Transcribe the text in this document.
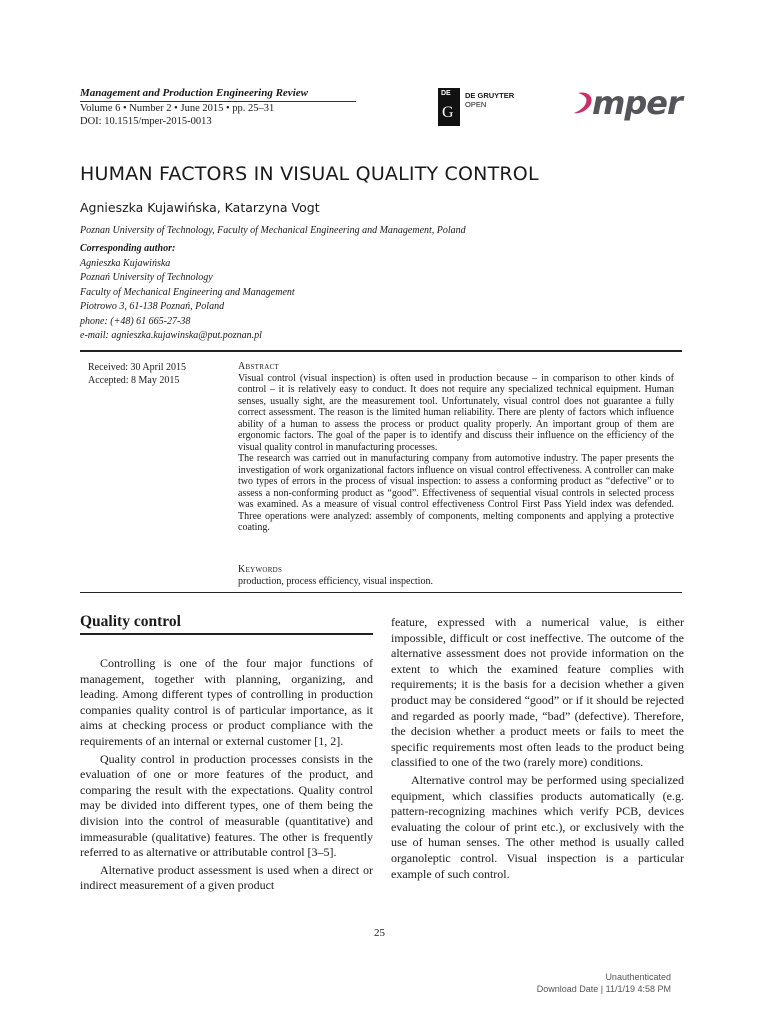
Management and Production Engineering Review
Volume 6 • Number 2 • June 2015 • pp. 25–31
DOI: 10.1515/mper-2015-0013
DE
G
DE GRUYTER
OPEN	mper
HUMAN FACTORS IN VISUAL QUALITY CONTROL
Agnieszka Kujawińska, Katarzyna Vogt
Poznan University of Technology, Faculty of Mechanical Engineering and Management, Poland
Corresponding author:
Agnieszka Kujawińska
Poznań University of Technology
Faculty of Mechanical Engineering and Management
Piotrowo 3, 61-138 Poznań, Poland
phone: (+48) 61 665-27-38
e-mail: agnieszka.kujawinska@put.poznan.pl
Received: 30 April 2015
Accepted: 8 May 2015
Abstract

Visual control (visual inspection) is often used in production because – in comparison to other kinds of control – it is relatively easy to conduct. It does not require any specialized technical equipment. Human senses, usually sight, are the measurement tool. Unfortunately, visual control does not guarantee a fully correct assessment. The reason is the limited human reliability. There are plenty of factors which influence ability of a human to assess the process or product quality properly. An important group of them are ergonomic factors. The goal of the paper is to identify and discuss their influence on the efficiency of the visual quality control in manufacturing processes.

The research was carried out in manufacturing company from automotive industry. The paper presents the investigation of work organizational factors influence on visual control effectiveness. A controller can make two types of errors in the process of visual inspection: to assess a conforming product as “defective” or to assess a non-conforming product as “good”. Effectiveness of sequential visual controls in selected process was examined. As a measure of visual control effectiveness Control First Pass Yield index was defended. Three operations were analyzed: assembly of components, melting components and applying a protective coating.

Keywords
production, process efficiency, visual inspection.
Quality control

Controlling is one of the four major functions of management, together with planning, organizing, and leading. Among different types of controlling in production companies quality control is of particular importance, as it aims at checking process or product compliance with the requirements of an internal or external customer [1, 2].

Quality control in production processes consists in the evaluation of one or more features of the product, and comparing the result with the expectations. Quality control may be divided into different types, one of them being the division into the control of measurable (quantitative) and immeasurable (qualitative) features. The other is frequently referred to as alternative or attributable control [3–5].

Alternative product assessment is used when a direct or indirect measurement of a given product

feature, expressed with a numerical value, is either impossible, difficult or cost ineffective. The outcome of the alternative assessment does not provide information on the extent to which the examined feature complies with requirements; it is the basis for a decision whether a given product may be considered “good” or if it should be rejected and regarded as poorly made, “bad” (defective). Therefore, the decision whether a product meets or fails to meet the specific requirements most often leads to the product being classified to one of the two (rarely more) conditions.

Alternative control may be performed using specialized equipment, which classifies products automatically (e.g. pattern-recognizing machines which verify PCB, devices evaluating the colour of print etc.), or exclusively with the use of human senses. The other method is usually called organoleptic control. Visual inspection is a particular example of such control.

25
Unauthenticated
Download Date | 11/1/19 4:58 PM
